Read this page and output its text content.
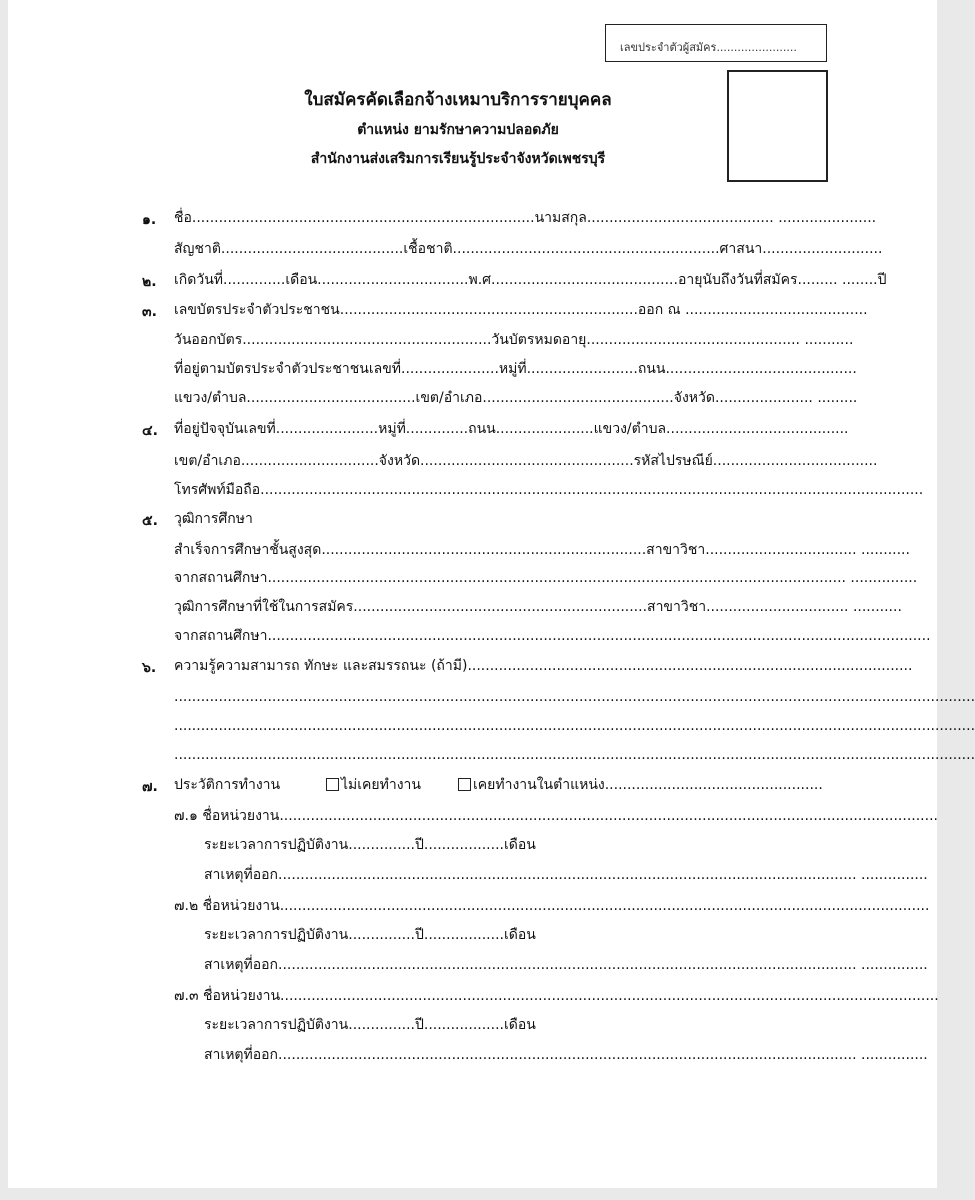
เลขประจำตัวผู้สมัคร.......................
ใบสมัครคัดเลือกจ้างเหมาบริการรายบุคคล
ตำแหน่ง ยามรักษาความปลอดภัย
สำนักงานส่งเสริมการเรียนรู้ประจำจังหวัดเพชรบุรี
๑.	ชื่อ.............................................................................นามสกุล.......................................... ......................
สัญชาติ.........................................เชื้อชาติ............................................................ศาสนา...........................
๒.	เกิดวันที่..............เดือน..................................พ.ศ..........................................อายุนับถึงวันที่สมัคร......... ........ปี
๓.	เลขบัตรประจำตัวประชาชน...................................................................ออก ณ .........................................
วันออกบัตร........................................................วันบัตรหมดอายุ................................................ ...........
ที่อยู่ตามบัตรประจำตัวประชาชนเลขที่......................หมู่ที่.........................ถนน...........................................
แขวง/ตำบล......................................เขต/อำเภอ...........................................จังหวัด...................... .........
๔.	ที่อยู่ปัจจุบันเลขที่.......................หมู่ที่..............ถนน......................แขวง/ตำบล.........................................
เขต/อำเภอ...............................จังหวัด................................................รหัสไปรษณีย์.....................................
โทรศัพท์มือถือ.....................................................................................................................................................
๕.	วุฒิการศึกษา
สำเร็จการศึกษาชั้นสูงสุด.........................................................................สาขาวิชา.................................. ...........
จากสถานศึกษา.................................................................................................................................. ...............
วุฒิการศึกษาที่ใช้ในการสมัคร..................................................................สาขาวิชา................................ ...........
จากสถานศึกษา.....................................................................................................................................................
๖.	ความรู้ความสามารถ ทักษะ และสมรรถนะ (ถ้ามี)....................................................................................................
....................................................................................................................................................................................
....................................................................................................................................................................................
....................................................................................................................................................................................
๗.	ประวัติการทำงาน	ไม่เคยทำงาน	เคยทำงานในตำแหน่ง.................................................
๗.๑ ชื่อหน่วยงาน....................................................................................................................................................
ระยะเวลาการปฏิบัติงาน...............ปี..................เดือน
สาเหตุที่ออก.................................................................................................................................. ...............
๗.๒ ชื่อหน่วยงาน..................................................................................................................................................
ระยะเวลาการปฏิบัติงาน...............ปี..................เดือน
สาเหตุที่ออก.................................................................................................................................. ...............
๗.๓ ชื่อหน่วยงาน....................................................................................................................................................
ระยะเวลาการปฏิบัติงาน...............ปี..................เดือน
สาเหตุที่ออก.................................................................................................................................. ...............
